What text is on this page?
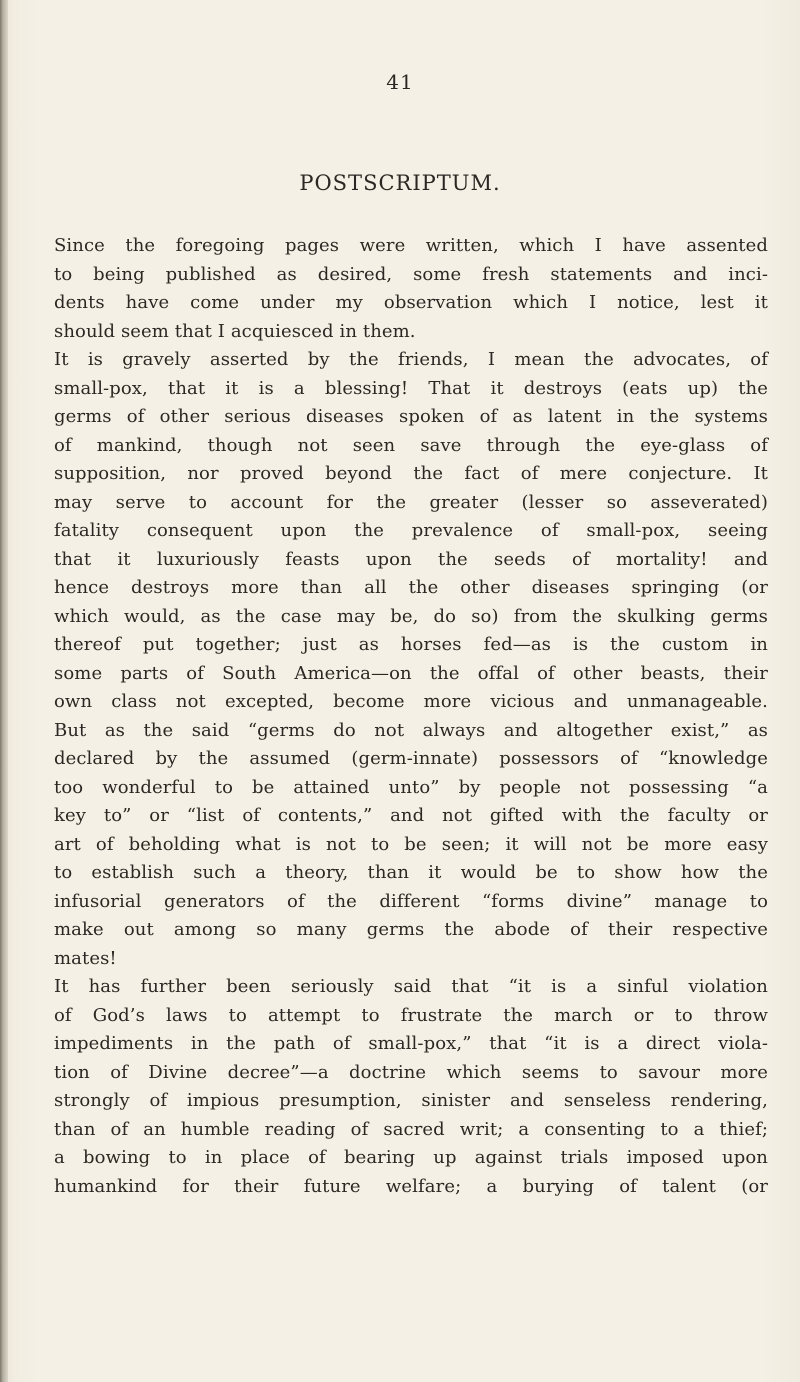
41
POSTSCRIPTUM.
Since the foregoing pages were written, which I have assented
to being published as desired, some fresh statements and inci-
dents have come under my observation which I notice, lest it
should seem that I acquiesced in them.
It is gravely asserted by the friends, I mean the advocates, of
small-pox, that it is a blessing! That it destroys (eats up) the
germs of other serious diseases spoken of as latent in the systems
of mankind, though not seen save through the eye-glass of
supposition, nor proved beyond the fact of mere conjecture. It
may serve to account for the greater (lesser so asseverated)
fatality consequent upon the prevalence of small-pox, seeing
that it luxuriously feasts upon the seeds of mortality! and
hence destroys more than all the other diseases springing (or
which would, as the case may be, do so) from the skulking germs
thereof put together; just as horses fed—as is the custom in
some parts of South America—on the offal of other beasts, their
own class not excepted, become more vicious and unmanageable.
But as the said “germs do not always and altogether exist,” as
declared by the assumed (germ-innate) possessors of “knowledge
too wonderful to be attained unto” by people not possessing “a
key to” or “list of contents,” and not gifted with the faculty or
art of beholding what is not to be seen; it will not be more easy
to establish such a theory, than it would be to show how the
infusorial generators of the different “forms divine” manage to
make out among so many germs the abode of their respective
mates!
It has further been seriously said that “it is a sinful violation
of God’s laws to attempt to frustrate the march or to throw
impediments in the path of small-pox,” that “it is a direct viola-
tion of Divine decree”—a doctrine which seems to savour more
strongly of impious presumption, sinister and senseless rendering,
than of an humble reading of sacred writ; a consenting to a thief;
a bowing to in place of bearing up against trials imposed upon
humankind for their future welfare; a burying of talent (or
